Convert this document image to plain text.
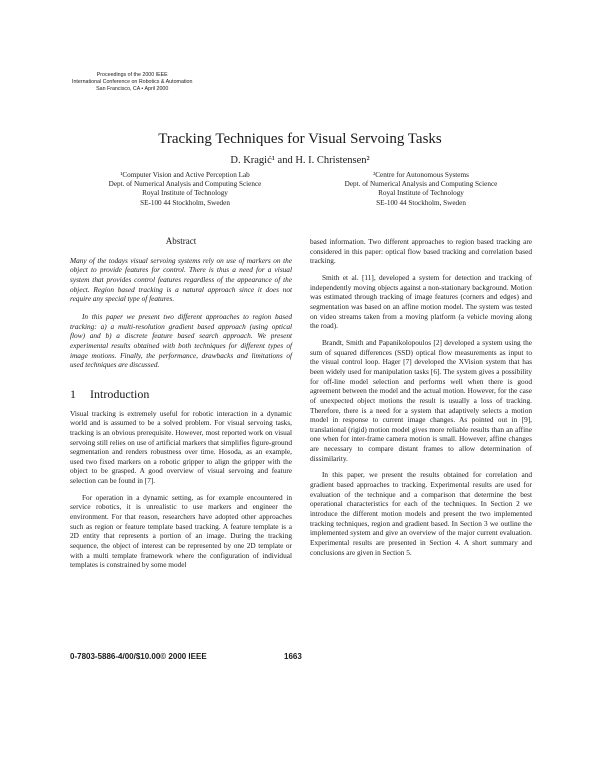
Proceedings of the 2000 IEEE
International Conference on Robotics & Automation
San Francisco, CA • April 2000
Tracking Techniques for Visual Servoing Tasks
D. Kragić¹ and H. I. Christensen²
¹Computer Vision and Active Perception Lab
Dept. of Numerical Analysis and Computing Science
Royal Institute of Technology
SE-100 44 Stockholm, Sweden
²Centre for Autonomous Systems
Dept. of Numerical Analysis and Computing Science
Royal Institute of Technology
SE-100 44 Stockholm, Sweden
Abstract

Many of the todays visual servoing systems rely on use of markers on the object to provide features for control. There is thus a need for a visual system that provides control features regardless of the appearance of the object. Region based tracking is a natural approach since it does not require any special type of features.

In this paper we present two different approaches to region based tracking: a) a multi-resolution gradient based approach (using optical flow) and b) a discrete feature based search approach. We present experimental results obtained with both techniques for different types of image motions. Finally, the performance, drawbacks and limitations of used techniques are discussed.

1 Introduction

Visual tracking is extremely useful for robotic interaction in a dynamic world and is assumed to be a solved problem. For visual servoing tasks, tracking is an obvious prerequisite. However, most reported work on visual servoing still relies on use of artificial markers that simplifies figure-ground segmentation and renders robustness over time. Hosoda, as an example, used two fixed markers on a robotic gripper to align the gripper with the object to be grasped. A good overview of visual servoing and feature selection can be found in [7].

For operation in a dynamic setting, as for example encountered in service robotics, it is unrealistic to use markers and engineer the environment. For that reason, researchers have adopted other approaches such as region or feature template based tracking. A feature template is a 2D entity that represents a portion of an image. During the tracking sequence, the object of interest can be represented by one 2D template or with a multi template framework where the configuration of individual templates is constrained by some model

based information. Two different approaches to region based tracking are considered in this paper: optical flow based tracking and correlation based tracking.

Smith et al. [11], developed a system for detection and tracking of independently moving objects against a non-stationary background. Motion was estimated through tracking of image features (corners and edges) and segmentation was based on an affine motion model. The system was tested on video streams taken from a moving platform (a vehicle moving along the road).

Brandt, Smith and Papanikolopoulos [2] developed a system using the sum of squared differences (SSD) optical flow measurements as input to the visual control loop. Hager [7] developed the XVision system that has been widely used for manipulation tasks [6]. The system gives a possibility for off-line model selection and performs well when there is good agreement between the model and the actual motion. However, for the case of unexpected object motions the result is usually a loss of tracking. Therefore, there is a need for a system that adaptively selects a motion model in response to current image changes. As pointed out in [9], translational (rigid) motion model gives more reliable results than an affine one when for inter-frame camera motion is small. However, affine changes are necessary to compare distant frames to allow determination of dissimilarity.

In this paper, we present the results obtained for correlation and gradient based approaches to tracking. Experimental results are used for evaluation of the technique and a comparison that determine the best operational characteristics for each of the techniques. In Section 2 we introduce the different motion models and present the two implemented tracking techniques, region and gradient based. In Section 3 we outline the implemented system and give an overview of the major current evaluation. Experimental results are presented in Section 4. A short summary and conclusions are given in Section 5.

0-7803-5886-4/00/$10.00© 2000 IEEE	1663
